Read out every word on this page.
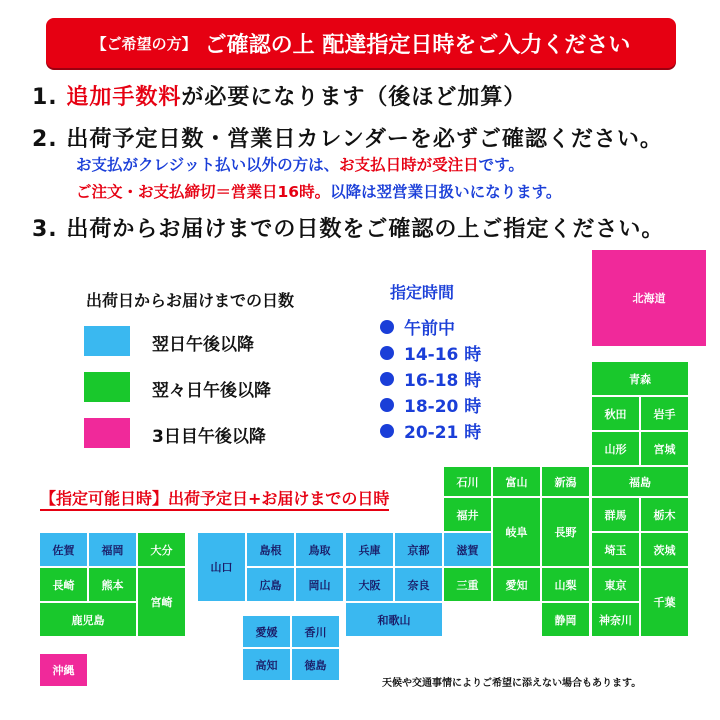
【ご希望の方】 ご確認の上 配達指定日時をご入力ください
1. 追加手数料が必要になります（後ほど加算）
2. 出荷予定日数・営業日カレンダーを必ずご確認ください。
お支払がクレジット払い以外の方は、お支払日時が受注日です。
ご注文・お支払締切＝営業日16時。以降は翌営業日扱いになります。
3. 出荷からお届けまでの日数をご確認の上ご指定ください。
出荷日からお届けまでの日数
翌日午後以降
翌々日午後以降
3日目午後以降
指定時間
午前中
14-16 時
16-18 時
18-20 時
20-21 時
【指定可能日時】出荷予定日+お届けまでの日時
北海道
青森
秋田 岩手
山形 宮城
福島
石川 富山 新潟
福井
岐阜 長野
群馬 栃木
埼玉 茨城
山口
島根 鳥取	兵庫 京都 滋賀
広島 岡山	大阪 奈良 三重 愛知 山梨	東京
千葉
和歌山	静岡 神奈川
佐賀 福岡 大分
長崎 熊本
宮崎
鹿児島
愛媛 香川
高知 徳島
沖縄
天候や交通事情によりご希望に添えない場合もあります。
